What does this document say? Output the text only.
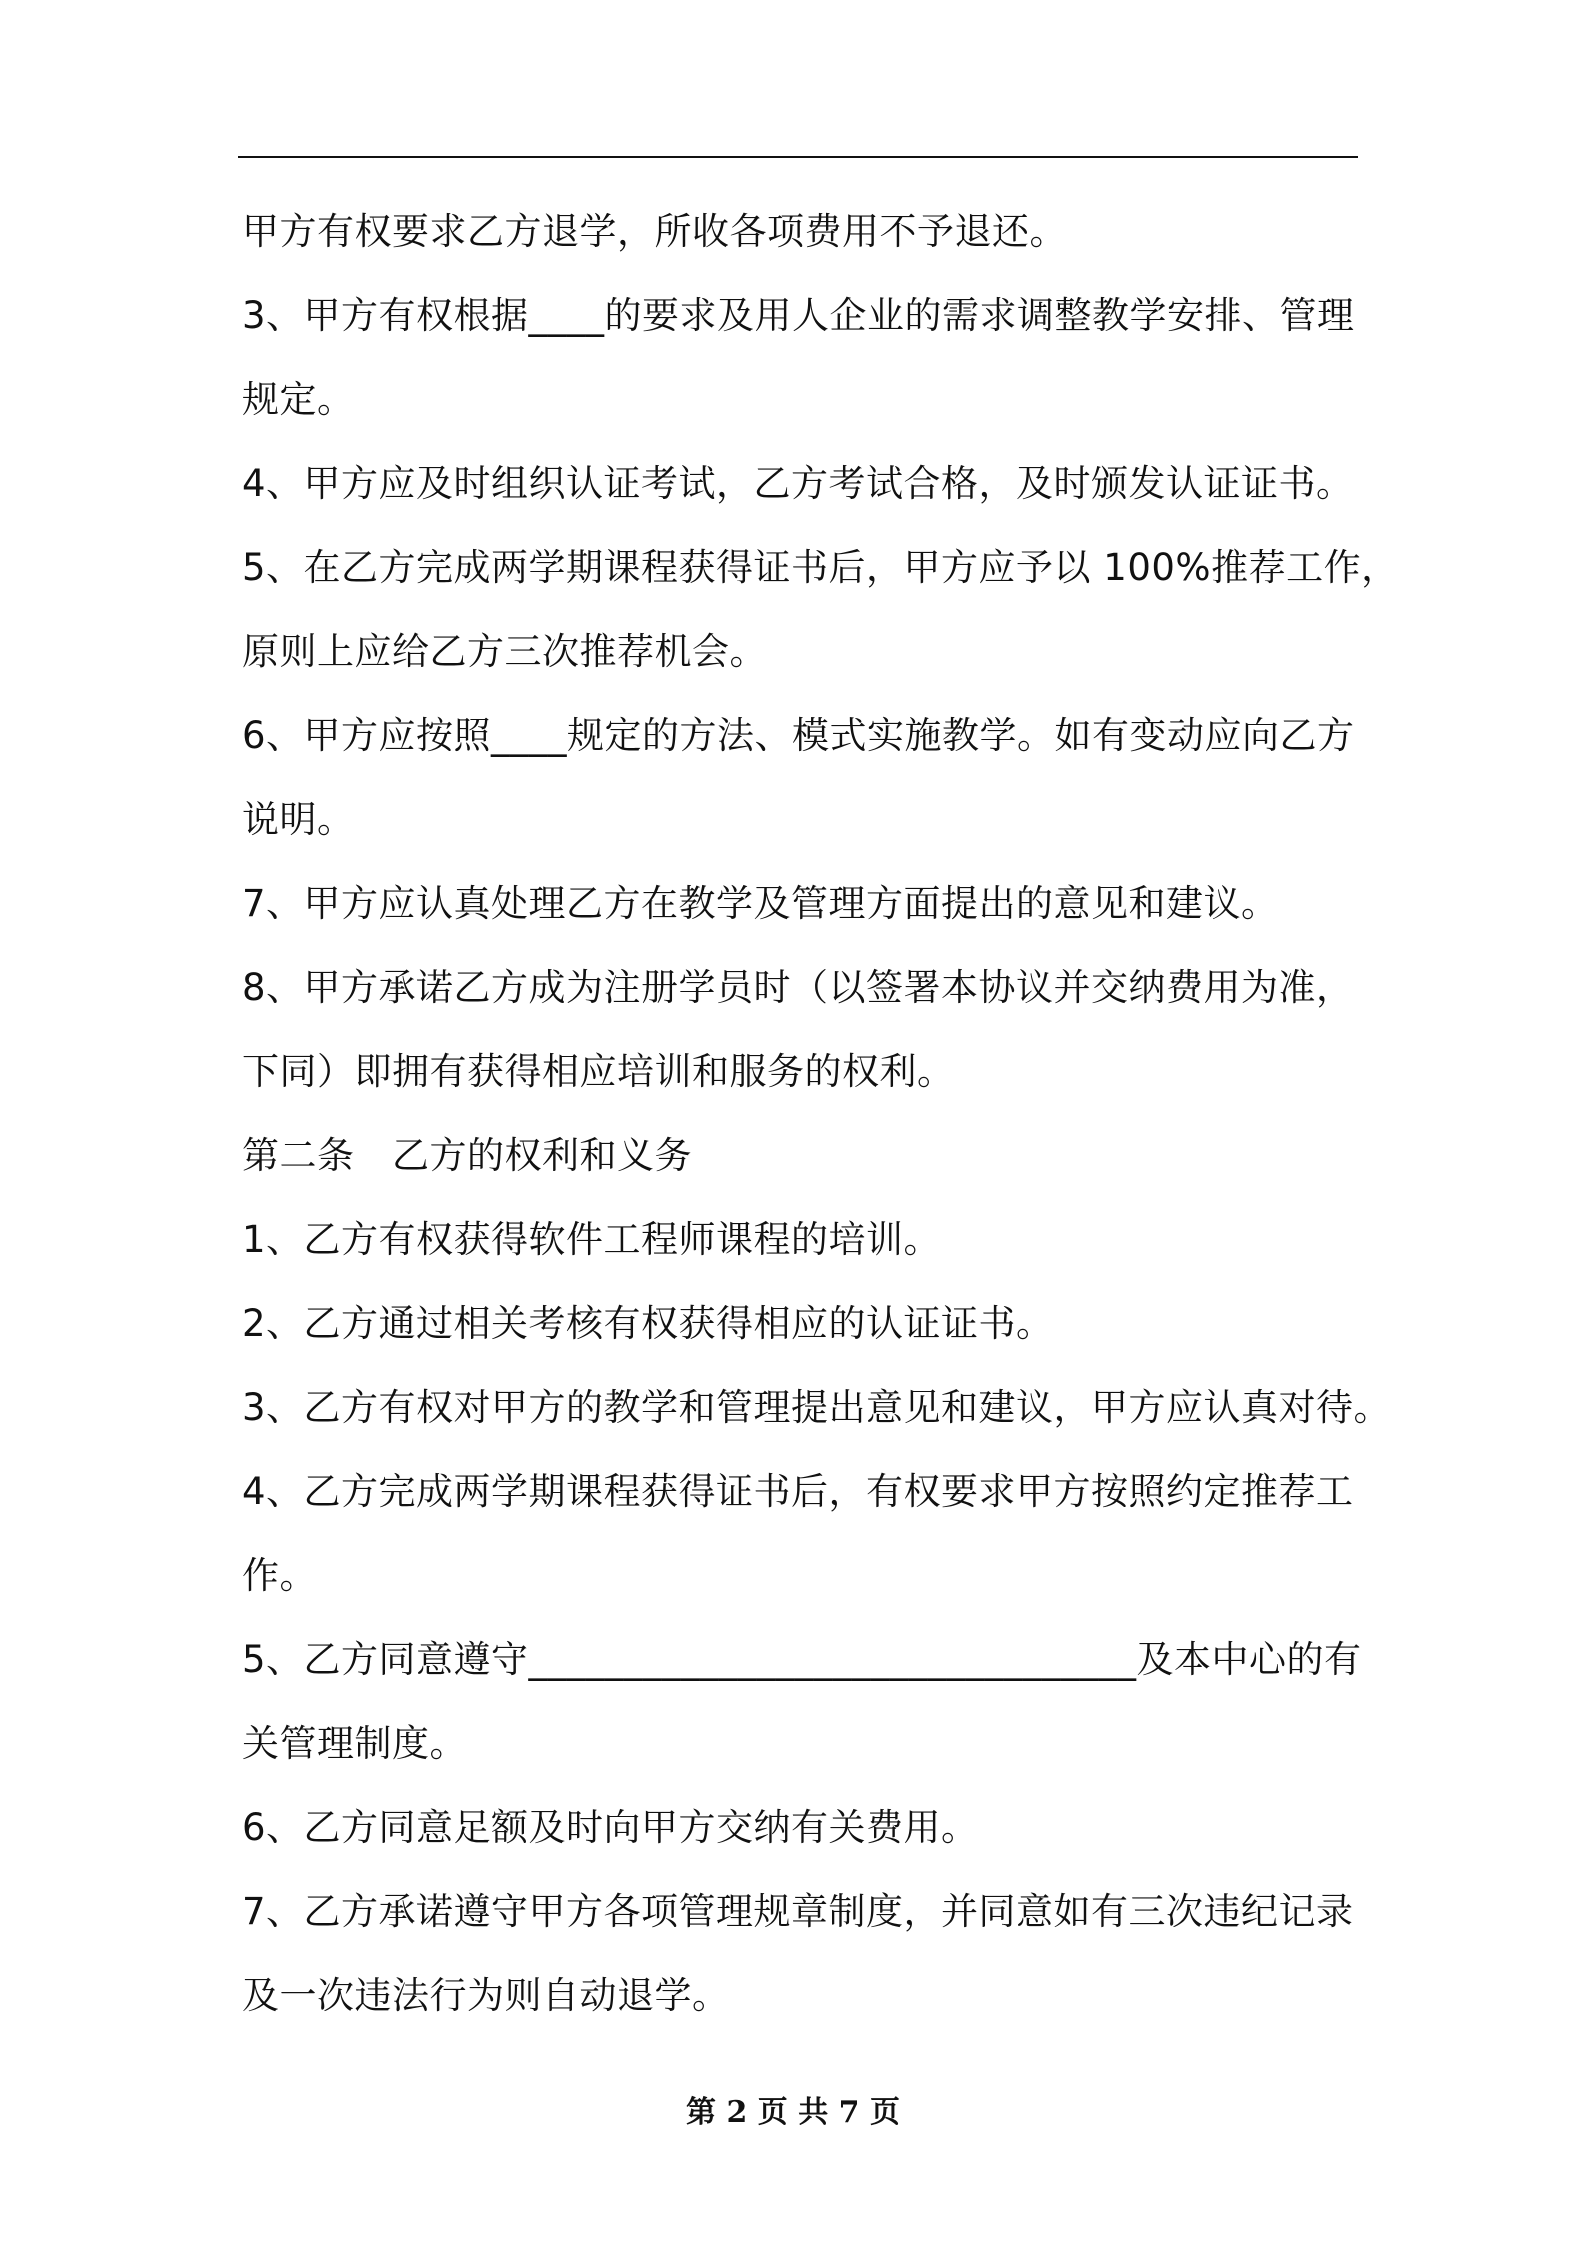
甲方有权要求乙方退学，所收各项费用不予退还。
3、甲方有权根据____的要求及用人企业的需求调整教学安排、管理
规定。
4、甲方应及时组织认证考试，乙方考试合格，及时颁发认证证书。
5、在乙方完成两学期课程获得证书后，甲方应予以 100%推荐工作，
原则上应给乙方三次推荐机会。
6、甲方应按照____规定的方法、模式实施教学。如有变动应向乙方
说明。
7、甲方应认真处理乙方在教学及管理方面提出的意见和建议。
8、甲方承诺乙方成为注册学员时（以签署本协议并交纳费用为准，
下同）即拥有获得相应培训和服务的权利。
第二条　乙方的权利和义务
1、乙方有权获得软件工程师课程的培训。
2、乙方通过相关考核有权获得相应的认证证书。
3、乙方有权对甲方的教学和管理提出意见和建议，甲方应认真对待。
4、乙方完成两学期课程获得证书后，有权要求甲方按照约定推荐工
作。
5、乙方同意遵守________________________________及本中心的有
关管理制度。
6、乙方同意足额及时向甲方交纳有关费用。
7、乙方承诺遵守甲方各项管理规章制度，并同意如有三次违纪记录
及一次违法行为则自动退学。
第 2 页 共 7 页
